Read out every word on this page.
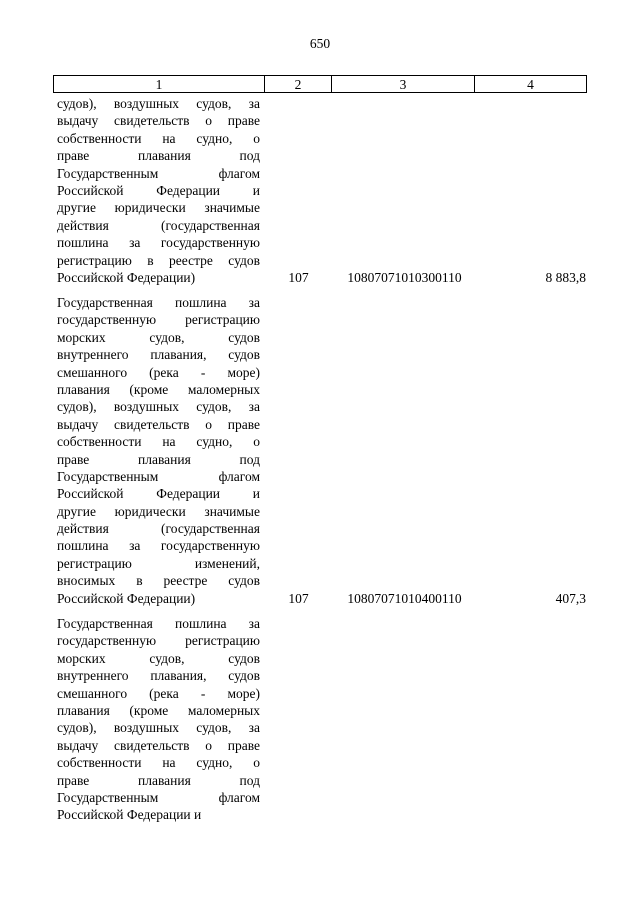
650
1	2	3	4
судов), воздушных судов, за
выдачу свидетельств о праве
собственности на судно, о
праве плавания под
Государственным флагом
Российской Федерации и
другие юридически значимые
действия (государственная
пошлина за государственную
регистрацию в реестре судов
Российской Федерации)	107	10807071010300110	8 883,8
Государственная пошлина за
государственную регистрацию
морских судов, судов
внутреннего плавания, судов
смешанного (река - море)
плавания (кроме маломерных
судов), воздушных судов, за
выдачу свидетельств о праве
собственности на судно, о
праве плавания под
Государственным флагом
Российской Федерации и
другие юридически значимые
действия (государственная
пошлина за государственную
регистрацию изменений,
вносимых в реестре судов
Российской Федерации)	107	10807071010400110	407,3
Государственная пошлина за
государственную регистрацию
морских судов, судов
внутреннего плавания, судов
смешанного (река - море)
плавания (кроме маломерных
судов), воздушных судов, за
выдачу свидетельств о праве
собственности на судно, о
праве плавания под
Государственным флагом
Российской Федерации и
